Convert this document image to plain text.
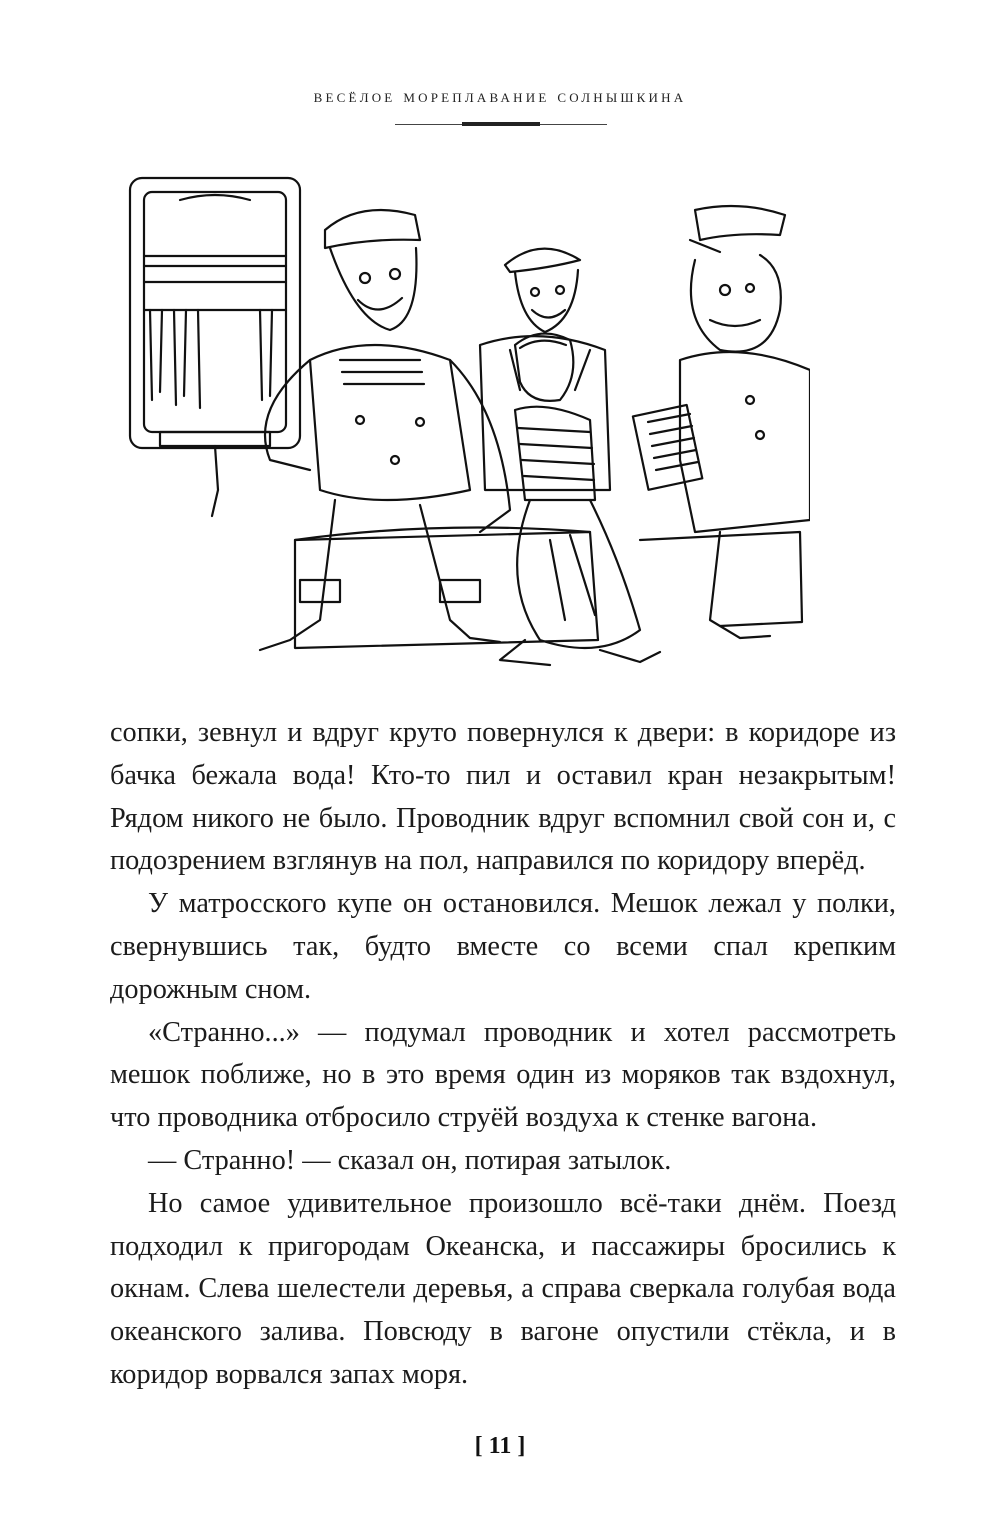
весёлое мореплавание солнышкина

сопки, зевнул и вдруг круто повернулся к двери: в коридоре из бачка бежала вода! Кто-то пил и оставил кран незакрытым! Рядом никого не было. Проводник вдруг вспомнил свой сон и, с подозрением взглянув на пол, направился по коридору вперёд.

У матросского купе он остановился. Мешок лежал у полки, свернувшись так, будто вместе со всеми спал крепким дорожным сном.

«Странно...» — подумал проводник и хотел рассмотреть мешок поближе, но в это время один из моряков так вздохнул, что проводника отбросило струёй воздуха к стенке вагона.

— Странно! — сказал он, потирая затылок.

Но самое удивительное произошло всё-таки днём. Поезд подходил к пригородам Океанска, и пассажиры бросились к окнам. Слева шелестели деревья, а справа сверкала голубая вода океанского залива. Повсюду в вагоне опустили стёкла, и в коридор ворвался запах моря.

[ 11 ]
